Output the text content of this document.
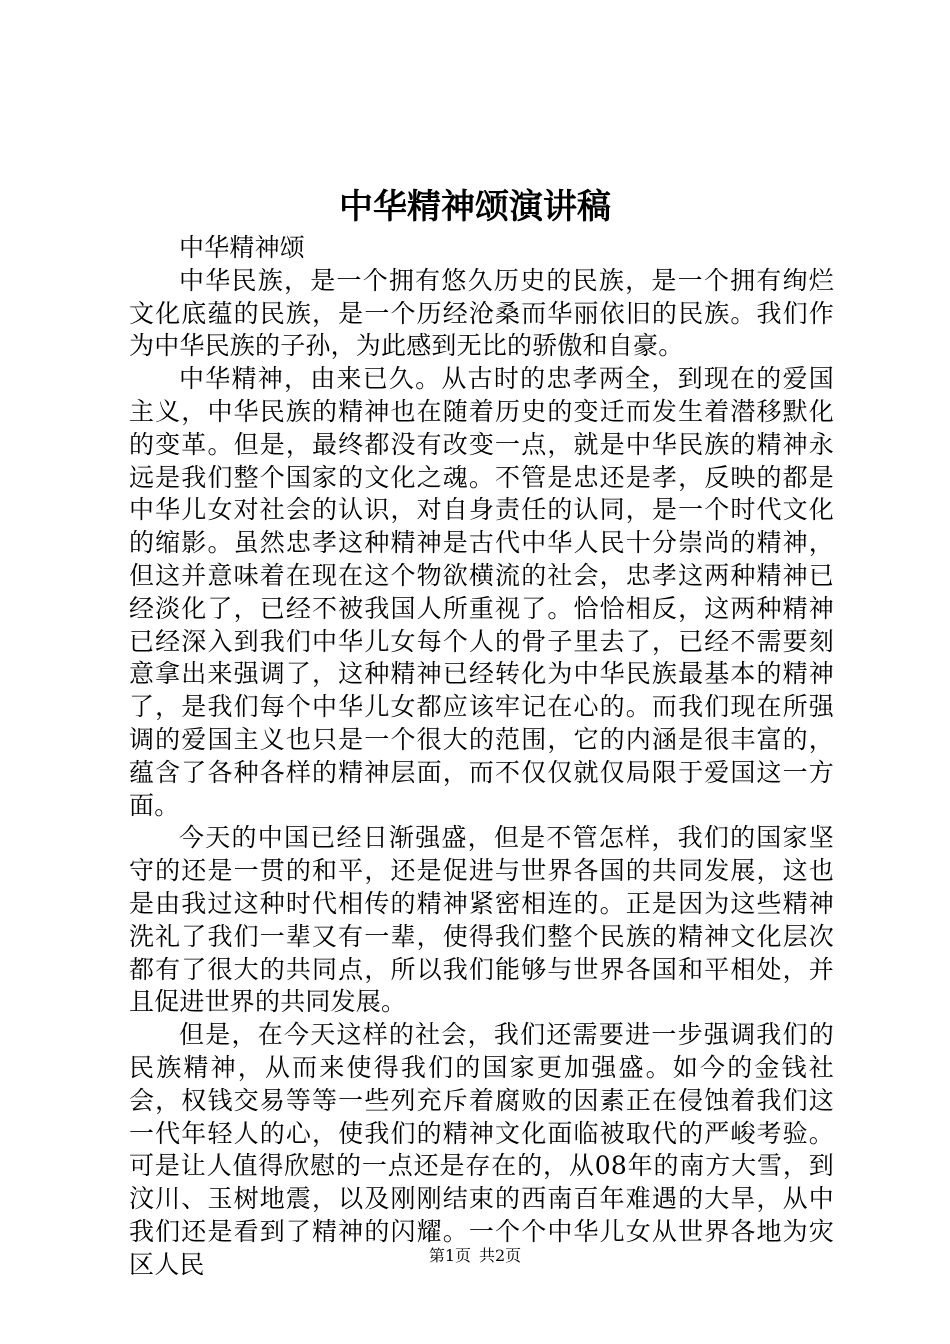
中华精神颂演讲稿

中华精神颂

中华民族，是一个拥有悠久历史的民族，是一个拥有绚烂文化底蕴的民族，是一个历经沧桑而华丽依旧的民族。我们作为中华民族的子孙，为此感到无比的骄傲和自豪。

中华精神，由来已久。从古时的忠孝两全，到现在的爱国主义，中华民族的精神也在随着历史的变迁而发生着潜移默化的变革。但是，最终都没有改变一点，就是中华民族的精神永远是我们整个国家的文化之魂。不管是忠还是孝，反映的都是中华儿女对社会的认识，对自身责任的认同，是一个时代文化的缩影。虽然忠孝这种精神是古代中华人民十分崇尚的精神，但这并意味着在现在这个物欲横流的社会，忠孝这两种精神已经淡化了，已经不被我国人所重视了。恰恰相反，这两种精神已经深入到我们中华儿女每个人的骨子里去了，已经不需要刻意拿出来强调了，这种精神已经转化为中华民族最基本的精神了，是我们每个中华儿女都应该牢记在心的。而我们现在所强调的爱国主义也只是一个很大的范围，它的内涵是很丰富的，蕴含了各种各样的精神层面，而不仅仅就仅局限于爱国这一方面。

今天的中国已经日渐强盛，但是不管怎样，我们的国家坚守的还是一贯的和平，还是促进与世界各国的共同发展，这也是由我过这种时代相传的精神紧密相连的。正是因为这些精神洗礼了我们一辈又有一辈，使得我们整个民族的精神文化层次都有了很大的共同点，所以我们能够与世界各国和平相处，并且促进世界的共同发展。

但是，在今天这样的社会，我们还需要进一步强调我们的民族精神，从而来使得我们的国家更加强盛。如今的金钱社会，权钱交易等等一些列充斥着腐败的因素正在侵蚀着我们这一代年轻人的心，使我们的精神文化面临被取代的严峻考验。可是让人值得欣慰的一点还是存在的，从08年的南方大雪，到汶川、玉树地震，以及刚刚结束的西南百年难遇的大旱，从中我们还是看到了精神的闪耀。一个个中华儿女从世界各地为灾区人民	第1页 共2页
